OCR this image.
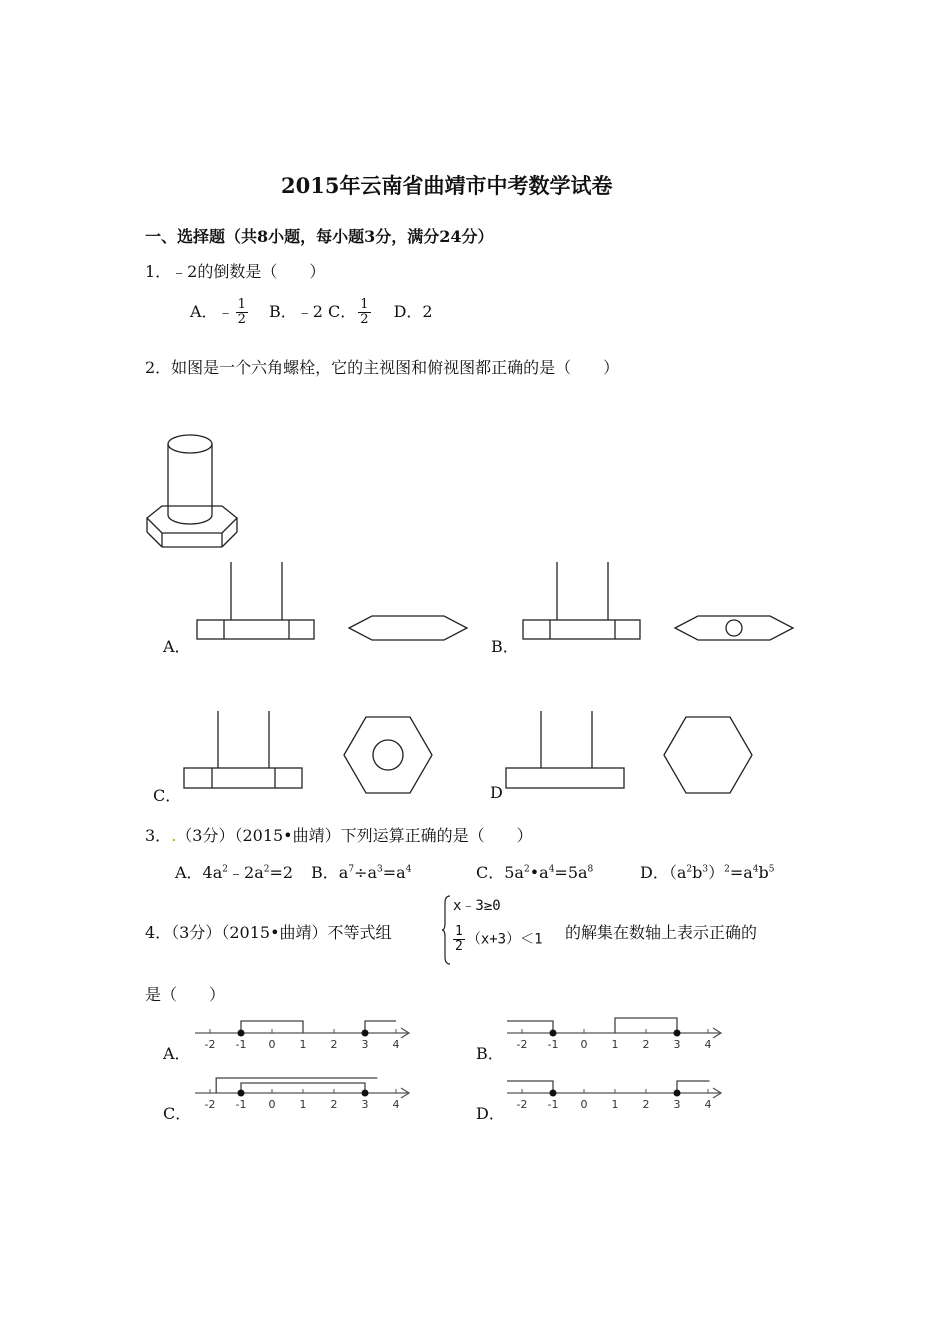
2015年云南省曲靖市中考数学试卷
一、选择题（共8小题，每小题3分，满分24分）
1．﹣2的倒数是（　　）
A．﹣ $\frac{1}{2}$ B．﹣2 C． $\frac{1}{2}$ D．2
2．如图是一个六角螺栓，它的主视图和俯视图都正确的是（　　）
A．	B．
C．	D
3．.（3分）（2015•曲靖）下列运算正确的是（　　）
A．$4a^2﹣2a^2=2$ B．$a^7\div a^3=a^4$	C．$5a^2•a^4=5a^8$	D．$(a^2b^3)^2=a^4b^5$
4．（3分）（2015•曲靖）不等式组
x﹣3≥0
$\frac{1}{2} (x+3)<1$ 的解集在数轴上表示正确的
是（　　）
A．	B．
C．	D．
-2 -1 0 1 2 3 4	-2 -1 0 1 2 3 4
-2 -1 0 1 2 3 4	-2 -1 0 1 2 3 4
